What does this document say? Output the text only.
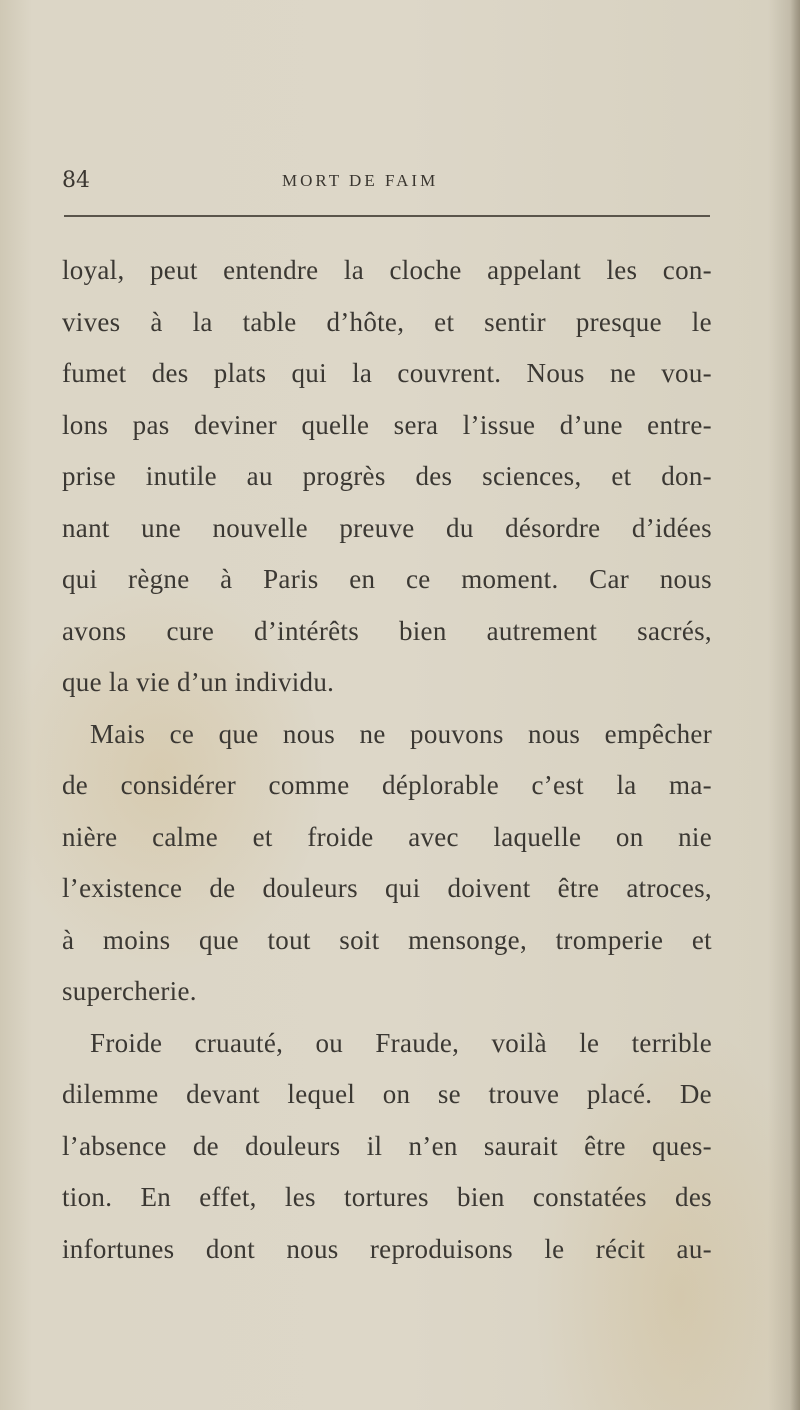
84	MORT DE FAIM
loyal, peut entendre la cloche appelant les con-
vives à la table d’hôte, et sentir presque le
fumet des plats qui la couvrent. Nous ne vou-
lons pas deviner quelle sera l’issue d’une entre-
prise inutile au progrès des sciences, et don-
nant une nouvelle preuve du désordre d’idées
qui règne à Paris en ce moment. Car nous
avons cure d’intérêts bien autrement sacrés,
que la vie d’un individu.
Mais ce que nous ne pouvons nous empêcher
de considérer comme déplorable c’est la ma-
nière calme et froide avec laquelle on nie
l’existence de douleurs qui doivent être atroces,
à moins que tout soit mensonge, tromperie et
supercherie.
Froide cruauté, ou Fraude, voilà le terrible
dilemme devant lequel on se trouve placé. De
l’absence de douleurs il n’en saurait être ques-
tion. En effet, les tortures bien constatées des
infortunes dont nous reproduisons le récit au-
